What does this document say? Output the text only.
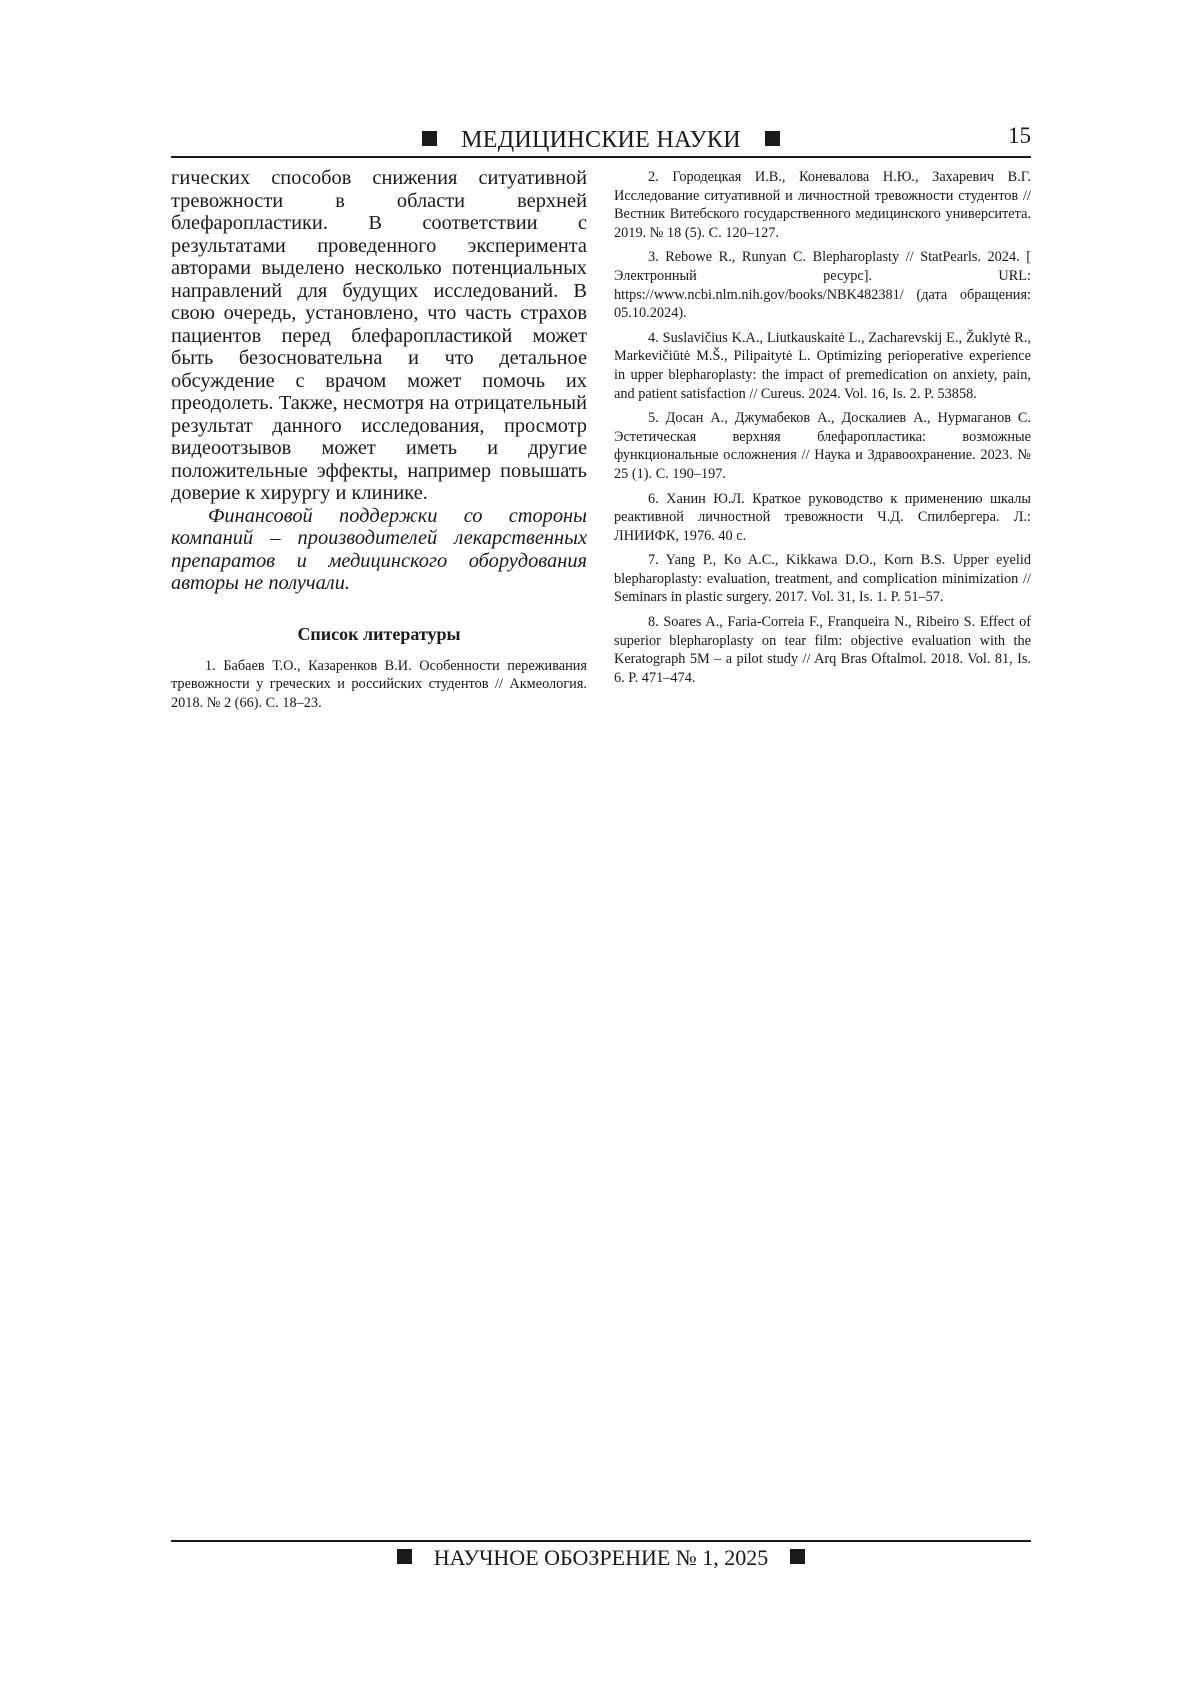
МЕДИЦИНСКИЕ НАУКИ	15

гических способов снижения ситуативной тревожности в области верхней блефаропластики. В соответствии с результатами проведенного эксперимента авторами выделено несколько потенциальных направлений для будущих исследований. В свою очередь, установлено, что часть страхов пациентов перед блефаропластикой может быть безосновательна и что детальное обсуждение с врачом может помочь их преодолеть. Также, несмотря на отрицательный результат данного исследования, просмотр видеоотзывов может иметь и другие положительные эффекты, например повышать доверие к хирургу и клинике.

Финансовой поддержки со стороны компаний – производителей лекарственных препаратов и медицинского оборудования авторы не получали.

Список литературы

1. Бабаев Т.О., Казаренков В.И. Особенности переживания тревожности у греческих и российских студентов // Акмеология. 2018. № 2 (66). С. 18–23.

2. Городецкая И.В., Коневалова Н.Ю., Захаревич В.Г. Исследование ситуативной и личностной тревожности студентов // Вестник Витебского государственного медицинского университета. 2019. № 18 (5). С. 120–127.

3. Rebowe R., Runyan C. Blepharoplasty // StatPearls. 2024. [ Электронный ресурс]. URL: https://www.ncbi.nlm.nih.gov/books/NBK482381/ (дата обращения: 05.10.2024).

4. Suslavičius K.A., Liutkauskaitė L., Zacharevskij E., Žuklytė R., Markevičiūtė M.Š., Pilipaitytė L. Optimizing perioperative experience in upper blepharoplasty: the impact of premedication on anxiety, pain, and patient satisfaction // Cureus. 2024. Vol. 16, Is. 2. P. 53858.

5. Досан А., Джумабеков А., Доскалиев А., Нурмаганов С. Эстетическая верхняя блефаропластика: возможные функциональные осложнения // Наука и Здравоохранение. 2023. № 25 (1). С. 190–197.

6. Ханин Ю.Л. Краткое руководство к применению шкалы реактивной личностной тревожности Ч.Д. Спилбергера. Л.: ЛНИИФК, 1976. 40 с.

7. Yang P., Ko A.C., Kikkawa D.O., Korn B.S. Upper eyelid blepharoplasty: evaluation, treatment, and complication minimization // Seminars in plastic surgery. 2017. Vol. 31, Is. 1. P. 51–57.

8. Soares A., Faria-Correia F., Franqueira N., Ribeiro S. Effect of superior blepharoplasty on tear film: objective evaluation with the Keratograph 5M – a pilot study // Arq Bras Oftalmol. 2018. Vol. 81, Is. 6. P. 471–474.

НАУЧНОЕ ОБОЗРЕНИЕ № 1, 2025
